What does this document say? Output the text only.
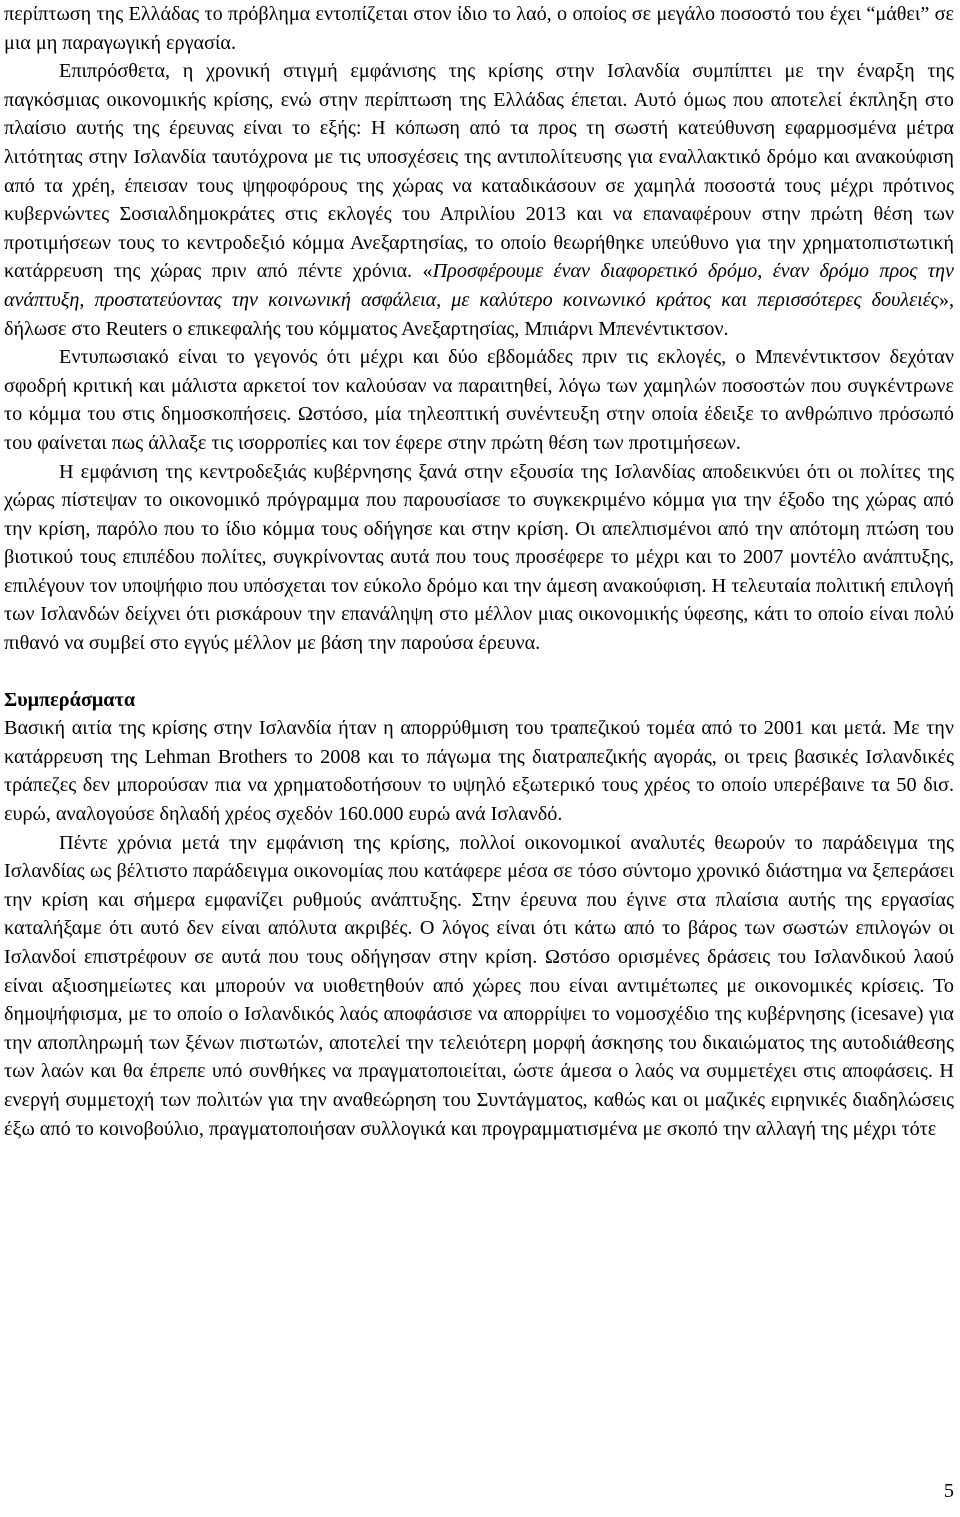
περίπτωση της Ελλάδας το πρόβλημα εντοπίζεται στον ίδιο το λαό, ο οποίος σε μεγάλο ποσοστό του έχει “μάθει” σε μια μη παραγωγική εργασία.

Επιπρόσθετα, η χρονική στιγμή εμφάνισης της κρίσης στην Ισλανδία συμπίπτει με την έναρξη της παγκόσμιας οικονομικής κρίσης, ενώ στην περίπτωση της Ελλάδας έπεται. Αυτό όμως που αποτελεί έκπληξη στο πλαίσιο αυτής της έρευνας είναι το εξής: Η κόπωση από τα προς τη σωστή κατεύθυνση εφαρμοσμένα μέτρα λιτότητας στην Ισλανδία ταυτόχρονα με τις υποσχέσεις της αντιπολίτευσης για εναλλακτικό δρόμο και ανακούφιση από τα χρέη, έπεισαν τους ψηφοφόρους της χώρας να καταδικάσουν σε χαμηλά ποσοστά τους μέχρι πρότινος κυβερνώντες Σοσιαλδημοκράτες στις εκλογές του Απριλίου 2013 και να επαναφέρουν στην πρώτη θέση των προτιμήσεων τους το κεντροδεξιό κόμμα Ανεξαρτησίας, το οποίο θεωρήθηκε υπεύθυνο για την χρηματοπιστωτική κατάρρευση της χώρας πριν από πέντε χρόνια. «Προσφέρουμε έναν διαφορετικό δρόμο, έναν δρόμο προς την ανάπτυξη, προστατεύοντας την κοινωνική ασφάλεια, με καλύτερο κοινωνικό κράτος και περισσότερες δουλειές», δήλωσε στο Reuters ο επικεφαλής του κόμματος Ανεξαρτησίας, Μπιάρνι Μπενέντικτσον.

Εντυπωσιακό είναι το γεγονός ότι μέχρι και δύο εβδομάδες πριν τις εκλογές, ο Μπενέντικτσον δεχόταν σφοδρή κριτική και μάλιστα αρκετοί τον καλούσαν να παραιτηθεί, λόγω των χαμηλών ποσοστών που συγκέντρωνε το κόμμα του στις δημοσκοπήσεις. Ωστόσο, μία τηλεοπτική συνέντευξη στην οποία έδειξε το ανθρώπινο πρόσωπό του φαίνεται πως άλλαξε τις ισορροπίες και τον έφερε στην πρώτη θέση των προτιμήσεων.

Η εμφάνιση της κεντροδεξιάς κυβέρνησης ξανά στην εξουσία της Ισλανδίας αποδεικνύει ότι οι πολίτες της χώρας πίστεψαν το οικονομικό πρόγραμμα που παρουσίασε το συγκεκριμένο κόμμα για την έξοδο της χώρας από την κρίση, παρόλο που το ίδιο κόμμα τους οδήγησε και στην κρίση. Οι απελπισμένοι από την απότομη πτώση του βιοτικού τους επιπέδου πολίτες, συγκρίνοντας αυτά που τους προσέφερε το μέχρι και το 2007 μοντέλο ανάπτυξης, επιλέγουν τον υποψήφιο που υπόσχεται τον εύκολο δρόμο και την άμεση ανακούφιση. Η τελευταία πολιτική επιλογή των Ισλανδών δείχνει ότι ρισκάρουν την επανάληψη στο μέλλον μιας οικονομικής ύφεσης, κάτι το οποίο είναι πολύ πιθανό να συμβεί στο εγγύς μέλλον με βάση την παρούσα έρευνα.

Συμπεράσματα

Βασική αιτία της κρίσης στην Ισλανδία ήταν η απορρύθμιση του τραπεζικού τομέα από το 2001 και μετά. Με την κατάρρευση της Lehman Brothers το 2008 και το πάγωμα της διατραπεζικής αγοράς, οι τρεις βασικές Ισλανδικές τράπεζες δεν μπορούσαν πια να χρηματοδοτήσουν το υψηλό εξωτερικό τους χρέος το οποίο υπερέβαινε τα 50 δισ. ευρώ, αναλογούσε δηλαδή χρέος σχεδόν 160.000 ευρώ ανά Ισλανδό.

Πέντε χρόνια μετά την εμφάνιση της κρίσης, πολλοί οικονομικοί αναλυτές θεωρούν το παράδειγμα της Ισλανδίας ως βέλτιστο παράδειγμα οικονομίας που κατάφερε μέσα σε τόσο σύντομο χρονικό διάστημα να ξεπεράσει την κρίση και σήμερα εμφανίζει ρυθμούς ανάπτυξης. Στην έρευνα που έγινε στα πλαίσια αυτής της εργασίας καταλήξαμε ότι αυτό δεν είναι απόλυτα ακριβές. Ο λόγος είναι ότι κάτω από το βάρος των σωστών επιλογών οι Ισλανδοί επιστρέφουν σε αυτά που τους οδήγησαν στην κρίση. Ωστόσο ορισμένες δράσεις του Ισλανδικού λαού είναι αξιοσημείωτες και μπορούν να υιοθετηθούν από χώρες που είναι αντιμέτωπες με οικονομικές κρίσεις. Το δημοψήφισμα, με το οποίο ο Ισλανδικός λαός αποφάσισε να απορρίψει το νομοσχέδιο της κυβέρνησης (icesave) για την αποπληρωμή των ξένων πιστωτών, αποτελεί την τελειότερη μορφή άσκησης του δικαιώματος της αυτοδιάθεσης των λαών και θα έπρεπε υπό συνθήκες να πραγματοποιείται, ώστε άμεσα ο λαός να συμμετέχει στις αποφάσεις. Η ενεργή συμμετοχή των πολιτών για την αναθεώρηση του Συντάγματος, καθώς και οι μαζικές ειρηνικές διαδηλώσεις έξω από το κοινοβούλιο, πραγματοποιήσαν συλλογικά και προγραμματισμένα με σκοπό την αλλαγή της μέχρι τότε

5
